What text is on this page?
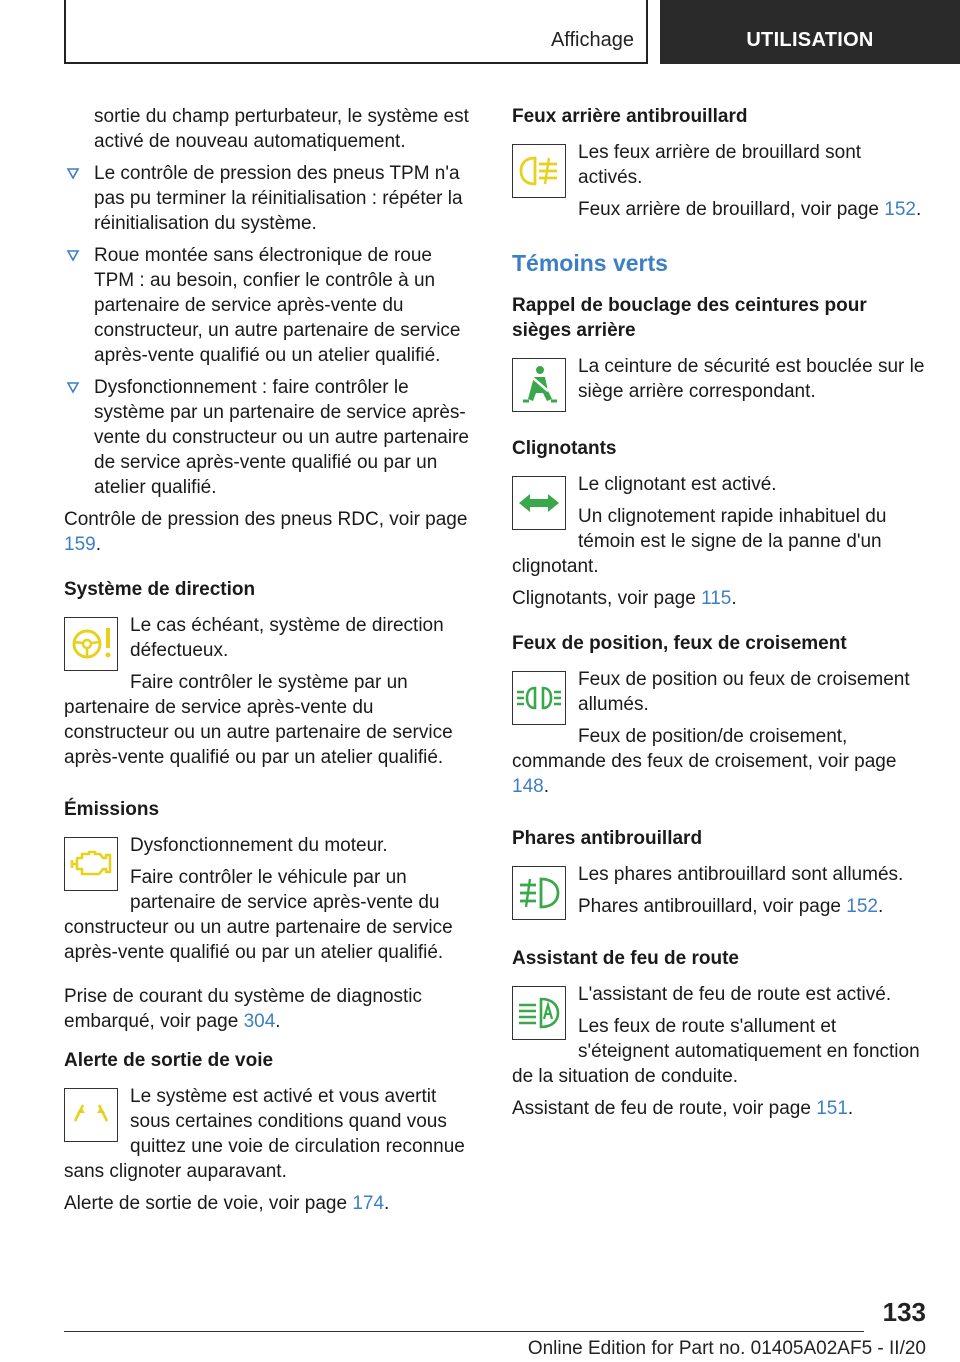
Affichage	UTILISATION

sortie du champ perturbateur, le système est activé de nouveau automatiquement.

Le contrôle de pression des pneus TPM n'a pas pu terminer la réinitialisation : répéter la réinitialisation du système.
Roue montée sans électronique de roue TPM : au besoin, confier le contrôle à un partenaire de service après-vente du constructeur, un autre partenaire de service après-vente qualifié ou un atelier qualifié.
Dysfonctionnement : faire contrôler le système par un partenaire de service après-vente du constructeur ou un autre partenaire de service après-vente qualifié ou par un atelier qualifié.

Contrôle de pression des pneus RDC, voir page 159.

Système de direction

Le cas échéant, système de direction défectueux.

Faire contrôler le système par un partenaire de service après-vente du constructeur ou un autre partenaire de service après-vente qualifié ou par un atelier qualifié.

Émissions

Dysfonctionnement du moteur.

Faire contrôler le véhicule par un partenaire de service après-vente du constructeur ou un autre partenaire de service après-vente qualifié ou par un atelier qualifié.

Prise de courant du système de diagnostic embarqué, voir page 304.

Alerte de sortie de voie

Le système est activé et vous avertit sous certaines conditions quand vous quittez une voie de circulation reconnue sans clignoter auparavant.

Alerte de sortie de voie, voir page 174.

Feux arrière antibrouillard

Les feux arrière de brouillard sont activés.

Feux arrière de brouillard, voir page 152.

Témoins verts
Rappel de bouclage des ceintures pour sièges arrière

La ceinture de sécurité est bouclée sur le siège arrière correspondant.

Clignotants

Le clignotant est activé.

Un clignotement rapide inhabituel du témoin est le signe de la panne d'un clignotant.

Clignotants, voir page 115.

Feux de position, feux de croisement

Feux de position ou feux de croisement allumés.

Feux de position/de croisement, commande des feux de croisement, voir page 148.

Phares antibrouillard

Les phares antibrouillard sont allumés.

Phares antibrouillard, voir page 152.

Assistant de feu de route

L'assistant de feu de route est activé.

Les feux de route s'allument et s'éteignent automatiquement en fonction de la situation de conduite.

Assistant de feu de route, voir page 151.

133
Online Edition for Part no. 01405A02AF5 - II/20
